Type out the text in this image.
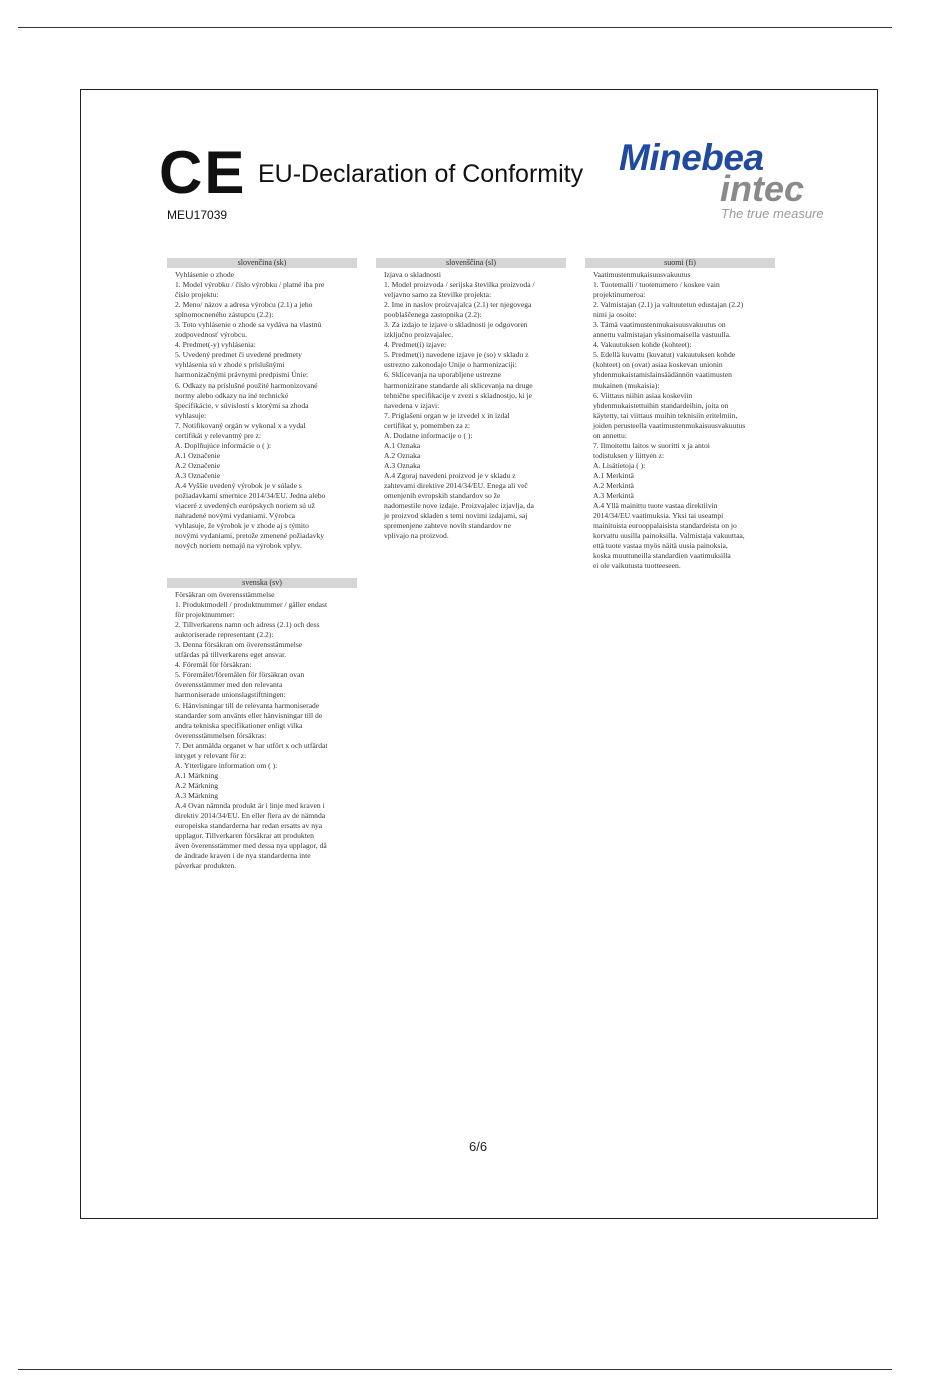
CE
MEU17039
EU-Declaration of Conformity Minebea
intec
The true measure
slovenčina (sk)
Vyhlásenie o zhode
1. Model výrobku / číslo výrobku / platné iba pre
číslo projektu:
2. Meno/ názov a adresa výrobcu (2.1) a jeho
splnomocneného zástupcu (2.2):
3. Toto vyhlásenie o zhode sa vydáva na vlastnú
zodpovednosť výrobcu.
4. Predmet(-y) vyhlásenia:
5. Uvedený predmet či uvedené predmety
vyhlásenia sú v zhode s príslušnými
harmonizačnými právnymi predpismi Únie:
6. Odkazy na príslušné použité harmonizované
normy alebo odkazy na iné technické
špecifikácie, v súvislosti s ktorými sa zhoda
vyhlasuje:
7. Notifikovaný orgán w vykonal x a vydal
certifikát y relevantný pre z:
A. Doplňujúce informácie o ( ):
A.1 Označenie
A.2 Označenie
A.3 Označenie
A.4 Vyššie uvedený výrobok je v súlade s
požiadavkami smernice 2014/34/EU. Jedna alebo
viaceré z uvedených európskych noriem sú už
nahradené novými vydaniami. Výrobca
vyhlasuje, že výrobok je v zhode aj s týmito
novými vydaniami, pretože zmenené požiadavky
nových noriem nemajú na výrobok vplyv.
slovenščina (sl)
Izjava o skladnosti
1. Model proizvoda / serijska številka proizvoda /
veljavno samo za številke projekta:
2. Ime in naslov proizvajalca (2.1) ter njegovega
pooblaščenega zastopnika (2.2):
3. Za izdajo te izjave o skladnosti je odgovoren
izključno proizvajalec.
4. Predmet(i) izjave:
5. Predmet(i) navedene izjave je (so) v skladu z
ustrezno zakonodajo Unije o harmonizaciji:
6. Sklicevanja na uporabljene ustrezne
harmonizirane standarde ali sklicevanja na druge
tehnične specifikacije v zvezi s skladnostjo, ki je
navedena v izjavi:
7. Priglašeni organ w je izvedel x in izdal
certifikat y, pomemben za z:
A. Dodatne informacije o ( ):
A.1 Oznaka
A.2 Oznaka
A.3 Oznaka
A.4 Zgoraj navedeni proizvod je v skladu z
zahtevami direktive 2014/34/EU. Enega ali več
omenjenih evropskih standardov so že
nadomestile nove izdaje. Proizvajalec izjavlja, da
je proizvod skladen s temi novimi izdajami, saj
spremenjene zahteve novih standardov ne
vplivajo na proizvod.
suomi (fi)
Vaatimustenmukaisuusvakuutus
1. Tuotemalli / tuotenumero / koskee vain
projektinumeroa:
2. Valmistajan (2.1) ja valtuutetun edustajan (2.2)
nimi ja osoite:
3. Tämä vaatimustenmukaisuusvakuutus on
annettu valmistajan yksinomaisella vastuulla.
4. Vakuutuksen kohde (kohteet):
5. Edellä kuvattu (kuvatut) vakuutuksen kohde
(kohteet) on (ovat) asiaa koskevan unionin
yhdenmukaistamislainsäädännön vaatimusten
mukainen (mukaisia):
6. Viittaus niihin asiaa koskeviin
yhdenmukaistettuihin standardeihin, joita on
käytetty, tai viittaus muihin teknisiin eritelmiin,
joiden perusteella vaatimustenmukaisuusvakuutus
on annettu:
7. Ilmoitettu laitos w suoritti x ja antoi
todistuksen y liittyen z:
A. Lisätietoja ( ):
A.1 Merkintä
A.2 Merkintä
A.3 Merkintä
A.4 Yllä mainittu tuote vastaa direktiivin
2014/34/EU vaatimuksia. Yksi tai useampi
mainituista eurooppalaisista standardeista on jo
korvattu uusilla painoksilla. Valmistaja vakuuttaa,
että tuote vastaa myös näitä uusia painoksia,
koska muuttuneilla standardien vaatimuksilla
ei ole vaikutusta tuotteeseen.
svenska (sv)
Försäkran om överensstämmelse
1. Produktmodell / produktnummer / gäller endast
för projektnummer:
2. Tillverkarens namn och adress (2.1) och dess
auktoriserade representant (2.2):
3. Denna försäkran om överensstämmelse
utfärdas på tillverkarens eget ansvar.
4. Föremål för försäkran:
5. Föremålet/föremålen för försäkran ovan
överensstämmer med den relevanta
harmoniserade unionslagstiftningen:
6. Hänvisningar till de relevanta harmoniserade
standarder som använts eller hänvisningar till de
andra tekniska specifikationer enligt vilka
överensstämmelsen försäkras:
7. Det anmälda organet w har utfört x och utfärdat
intyget y relevant för z:
A. Ytterligare information om ( ):
A.1 Märkning
A.2 Märkning
A.3 Märkning
A.4 Ovan nämnda produkt är i linje med kraven i
direktiv 2014/34/EU. En eller flera av de nämnda
europeiska standarderna har redan ersatts av nya
upplagor. Tillverkaren försäkrar att produkten
även överensstämmer med dessa nya upplagor, då
de ändrade kraven i de nya standarderna inte
påverkar produkten.
6/6
